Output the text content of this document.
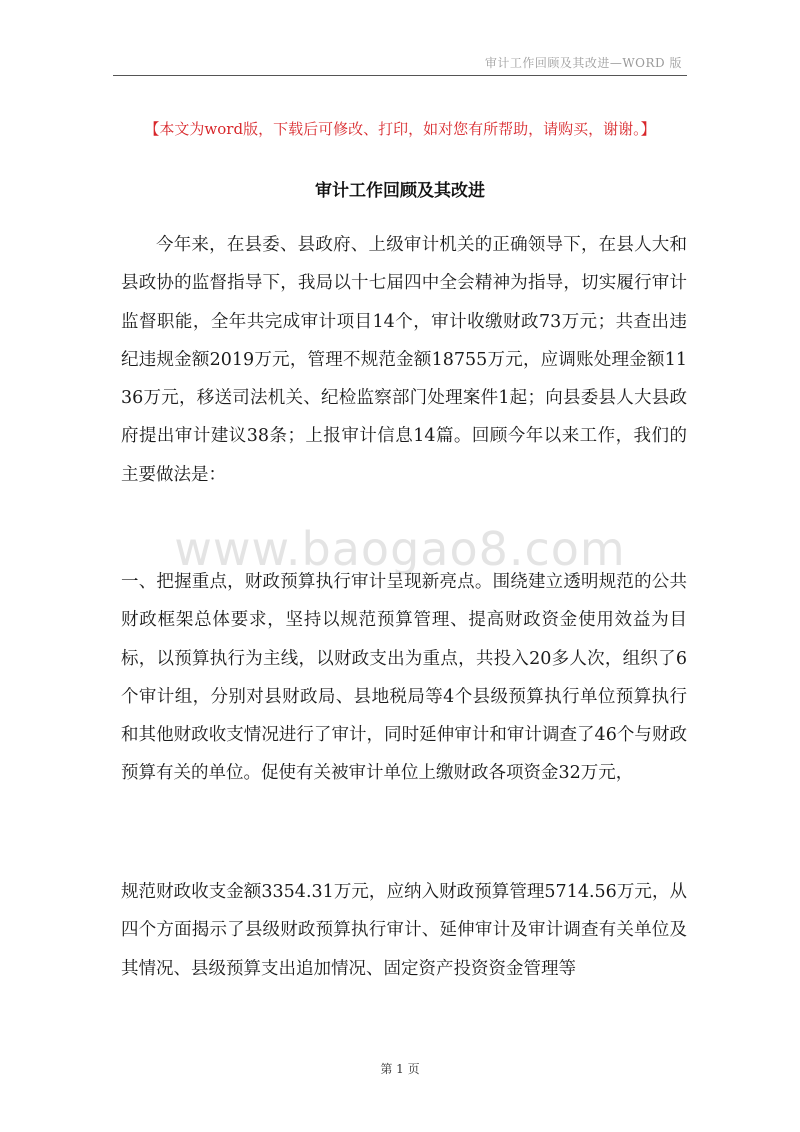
审计工作回顾及其改进—WORD 版
【本文为word版，下载后可修改、打印，如对您有所帮助，请购买，谢谢。】
审计工作回顾及其改进

今年来，在县委、县政府、上级审计机关的正确领导下，在县人大和县政协的监督指导下，我局以十七届四中全会精神为指导，切实履行审计监督职能，全年共完成审计项目14个，审计收缴财政73万元；共查出违纪违规金额2019万元，管理不规范金额18755万元，应调账处理金额1136万元，移送司法机关、纪检监察部门处理案件1起；向县委县人大县政府提出审计建议38条；上报审计信息14篇。回顾今年以来工作，我们的主要做法是：

www.baogao8.com

一、把握重点，财政预算执行审计呈现新亮点。围绕建立透明规范的公共财政框架总体要求，坚持以规范预算管理、提高财政资金使用效益为目标，以预算执行为主线，以财政支出为重点，共投入20多人次，组织了6个审计组，分别对县财政局、县地税局等4个县级预算执行单位预算执行和其他财政收支情况进行了审计，同时延伸审计和审计调查了46个与财政预算有关的单位。促使有关被审计单位上缴财政各项资金32万元，

规范财政收支金额3354.31万元，应纳入财政预算管理5714.56万元，从四个方面揭示了县级财政预算执行审计、延伸审计及审计调查有关单位及其情况、县级预算支出追加情况、固定资产投资资金管理等

第 1 页
